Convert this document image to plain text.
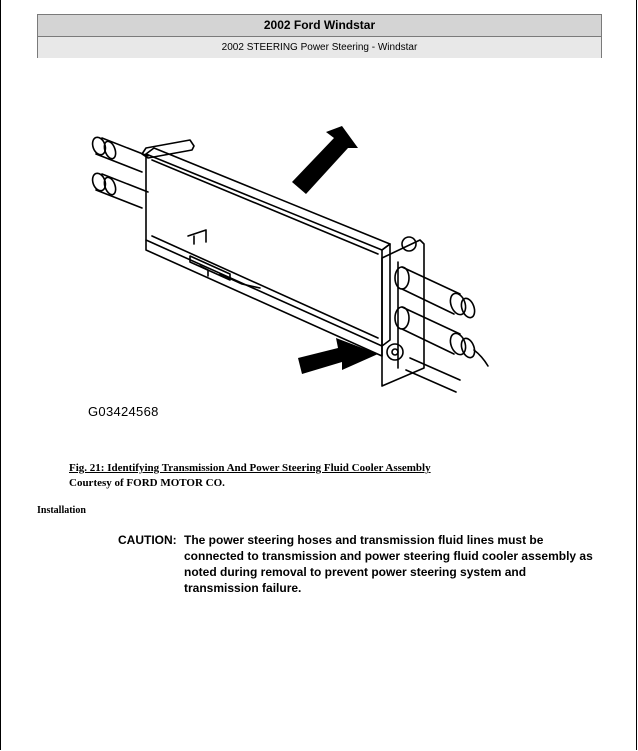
2002 Ford Windstar
2002 STEERING Power Steering - Windstar
G03424568
Fig. 21: Identifying Transmission And Power Steering Fluid Cooler Assembly
Courtesy of FORD MOTOR CO.
Installation
CAUTION: The power steering hoses and transmission fluid lines must be connected to transmission and power steering fluid cooler assembly as noted during removal to prevent power steering system and transmission failure.
